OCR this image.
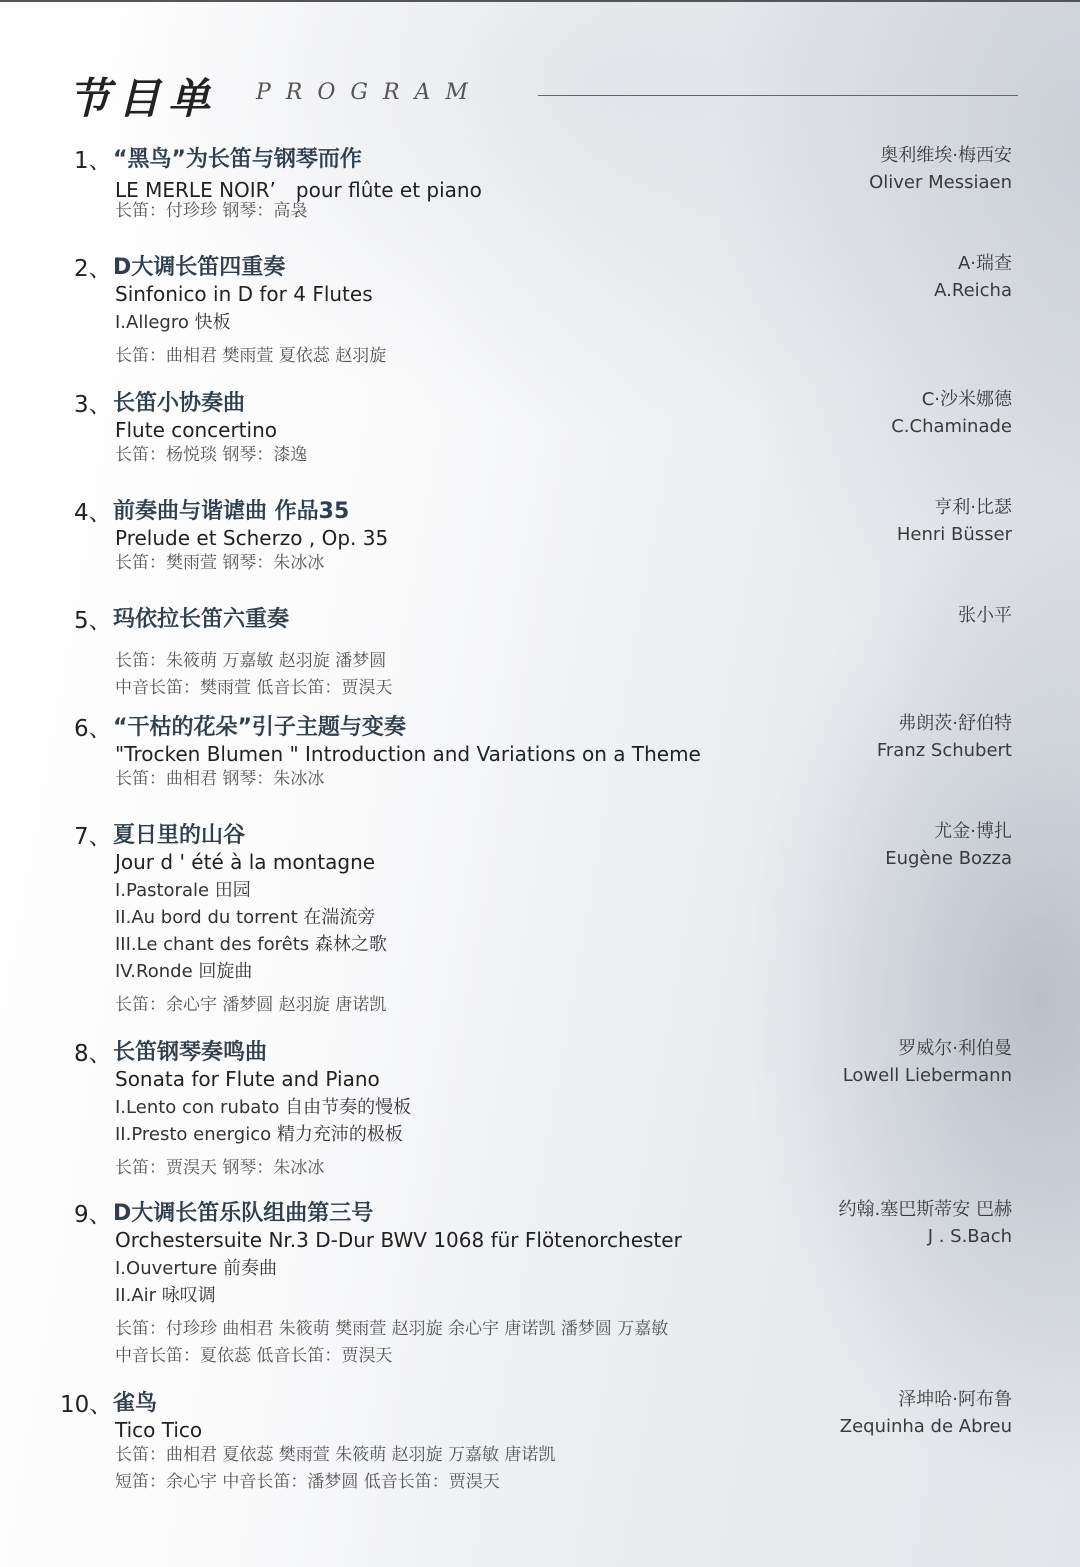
节目单 PROGRAM
1、 “黑鸟”为长笛与钢琴而作	奥利维埃·梅西安
Oliver Messiaen
LE MERLE NOIR’　pour flûte et piano
长笛：付珍珍 钢琴：高袅
2、 D大调长笛四重奏	A·瑞查
A.Reicha
Sinfonico in D for 4 Flutes
I.Allegro 快板
长笛：曲相君 樊雨萱 夏依蕊 赵羽旋
3、 长笛小协奏曲	C·沙米娜德
C.Chaminade
Flute concertino
长笛：杨悦琰 钢琴：漆逸
4、 前奏曲与谐谑曲 作品35	亨利·比瑟
Henri Büsser
Prelude et Scherzo , Op. 35
长笛：樊雨萱 钢琴：朱冰冰
5、 玛依拉长笛六重奏	张小平
长笛：朱筱萌 万嘉敏 赵羽旋 潘梦圆
中音长笛：樊雨萱 低音长笛：贾淏天
6、 “干枯的花朵”引子主题与变奏	弗朗茨·舒伯特
Franz Schubert
"Trocken Blumen " Introduction and Variations on a Theme
长笛：曲相君 钢琴：朱冰冰
7、 夏日里的山谷	尤金·博扎
Eugène Bozza
Jour d ' été à la montagne
I.Pastorale 田园
II.Au bord du torrent 在湍流旁
III.Le chant des forêts 森林之歌
IV.Ronde 回旋曲
长笛：余心宇 潘梦圆 赵羽旋 唐诺凯
8、 长笛钢琴奏鸣曲	罗威尔·利伯曼
Lowell Liebermann
Sonata for Flute and Piano
I.Lento con rubato 自由节奏的慢板
II.Presto energico 精力充沛的极板
长笛：贾淏天 钢琴：朱冰冰
9、 D大调长笛乐队组曲第三号	约翰.塞巴斯蒂安 巴赫
J . S.Bach
Orchestersuite Nr.3 D-Dur BWV 1068 für Flötenorchester
I.Ouverture 前奏曲
II.Air 咏叹调
长笛：付珍珍 曲相君 朱筱萌 樊雨萱 赵羽旋 余心宇 唐诺凯 潘梦圆 万嘉敏
中音长笛：夏依蕊 低音长笛：贾淏天
10、 雀鸟	泽坤哈·阿布鲁
Zequinha de Abreu
Tico Tico
长笛：曲相君 夏依蕊 樊雨萱 朱筱萌 赵羽旋 万嘉敏 唐诺凯
短笛：余心宇 中音长笛：潘梦圆 低音长笛：贾淏天
